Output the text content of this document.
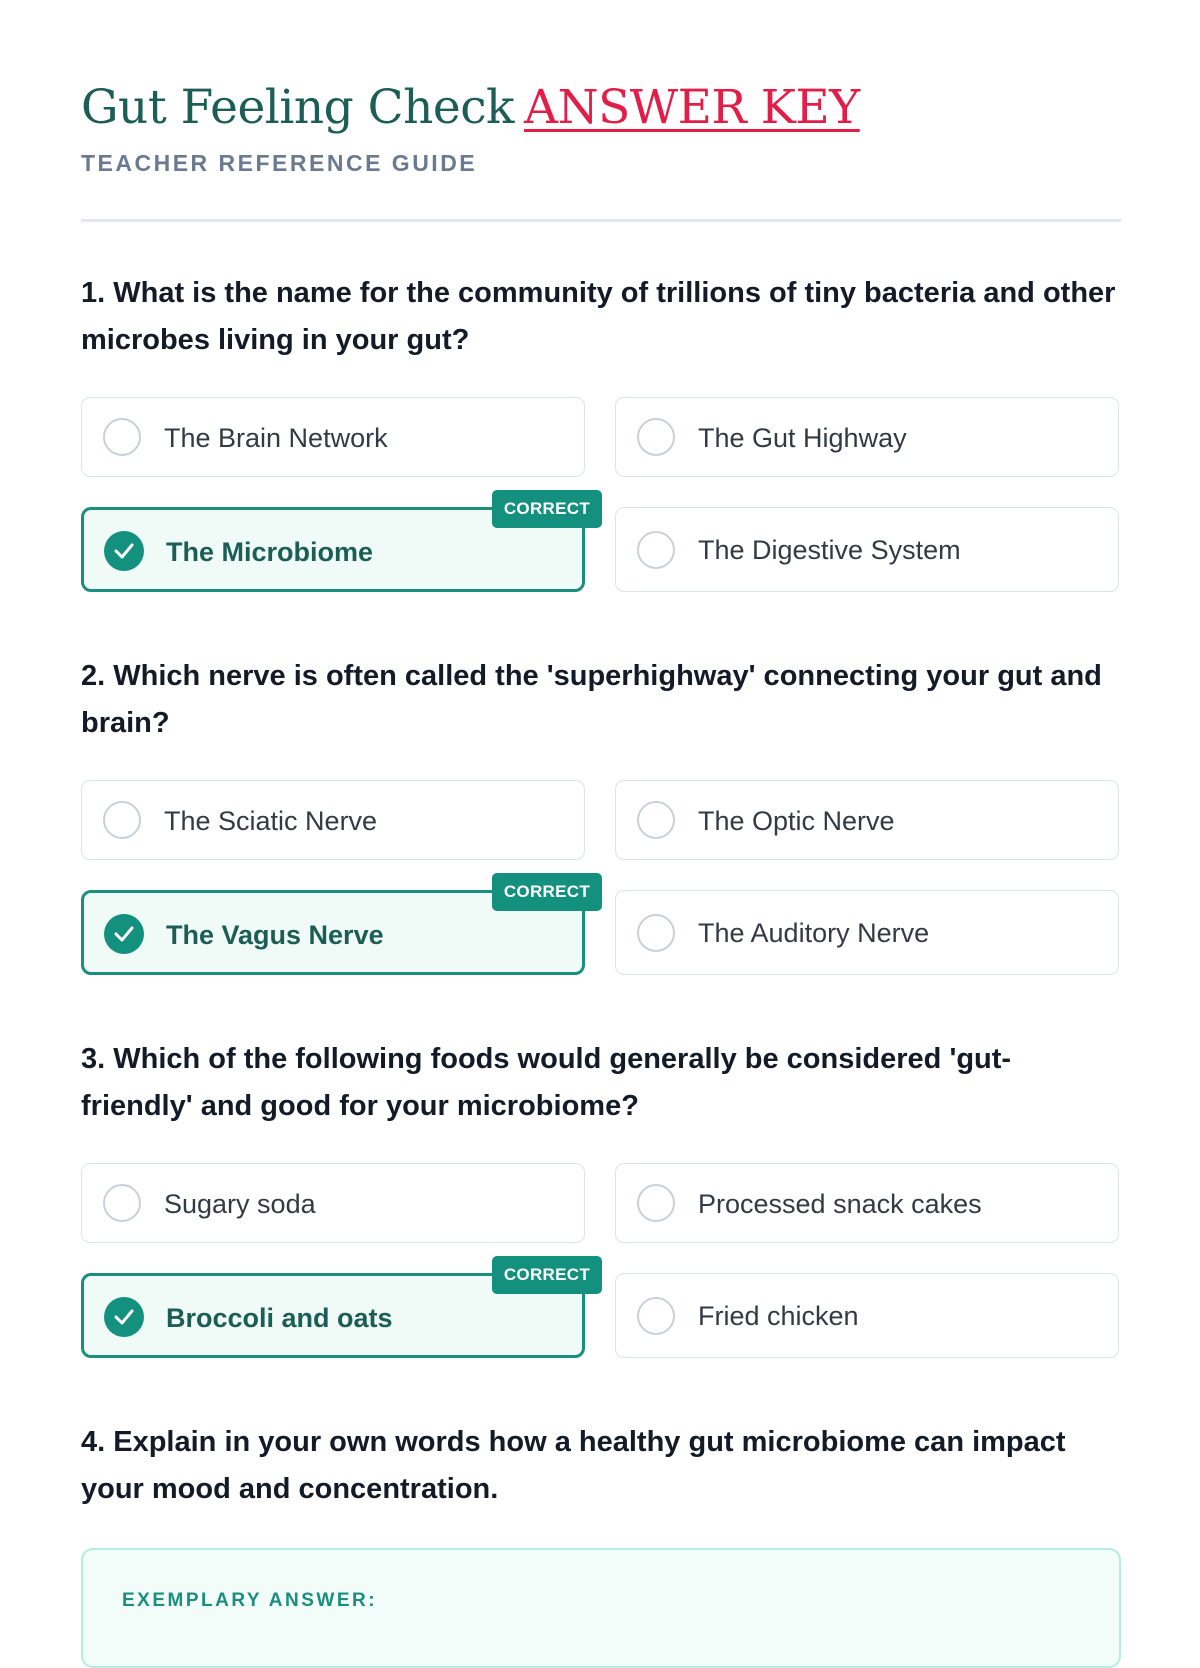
Gut Feeling Check ANSWER KEY
TEACHER REFERENCE GUIDE

1. What is the name for the community of trillions of tiny bacteria and other microbes living in your gut?

The Brain Network	The Gut Highway
The Microbiome
CORRECT
The Digestive System

2. Which nerve is often called the 'superhighway' connecting your gut and brain?

The Sciatic Nerve	The Optic Nerve
The Vagus Nerve
CORRECT
The Auditory Nerve

3. Which of the following foods would generally be considered 'gut-friendly' and good for your microbiome?

Sugary soda	Processed snack cakes
Broccoli and oats
CORRECT
Fried chicken

4. Explain in your own words how a healthy gut microbiome can impact your mood and concentration.

EXEMPLARY ANSWER:
